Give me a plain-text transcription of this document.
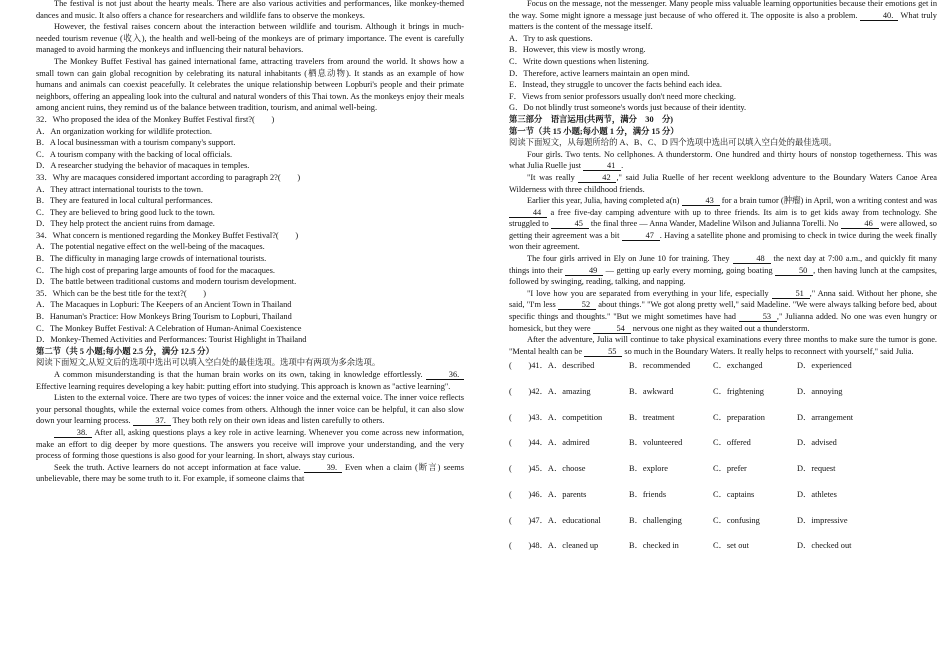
The festival is not just about the hearty meals. There are also various activities and performances, like monkey-themed dances and music. It also offers a chance for researchers and wildlife fans to observe the monkeys.

However, the festival raises concern about the interaction between wildlife and tourism. Although it brings in much-needed tourism revenue (收入), the health and well-being of the monkeys are of primary importance. The event is carefully managed to avoid harming the monkeys and influencing their natural behaviors.

The Monkey Buffet Festival has gained international fame, attracting travelers from around the world. It shows how a small town can gain global recognition by celebrating its natural inhabitants (栖息动物). It stands as an example of how humans and animals can coexist peacefully. It celebrates the unique relationship between Lopburi's people and their primate neighbors, offering an appealing look into the cultural and natural wonders of this Thai town. As the monkeys enjoy their meals among ancient ruins, they remind us of the balance between tradition, tourism, and animal well-being.

32．Who proposed the idea of the Monkey Buffet Festival first?(　　)

A．An organization working for wildlife protection.

B．A local businessman with a tourism company's support.

C．A tourism company with the backing of local officials.

D．A researcher studying the behavior of macaques in temples.

33．Why are macaques considered important according to paragraph 2?(　　)

A．They attract international tourists to the town.

B．They are featured in local cultural performances.

C．They are believed to bring good luck to the town.

D．They help protect the ancient ruins from damage.

34．What concern is mentioned regarding the Monkey Buffet Festival?(　　)

A．The potential negative effect on the well-being of the macaques.

B．The difficulty in managing large crowds of international tourists.

C．The high cost of preparing large amounts of food for the macaques.

D．The battle between traditional customs and modern tourism development.

35．Which can be the best title for the text?(　　)

A．The Macaques in Lopburi: The Keepers of an Ancient Town in Thailand

B．Hanuman's Practice: How Monkeys Bring Tourism to Lopburi, Thailand

C．The Monkey Buffet Festival: A Celebration of Human-Animal Coexistence

D．Monkey-Themed Activities and Performances: Tourist Highlight in Thailand

第二节（共 5 小题;每小题 2.5 分，满分 12.5 分）

阅读下面短文,从短文后的选项中选出可以填入空白处的最佳选项。选项中有两项为多余选项。

A common misunderstanding is that the human brain works on its own, taking in knowledge effortlessly.	36. Effective learning requires developing a key habit: putting effort into studying. This approach is known as "active learning".

Listen to the external voice. There are two types of voices: the inner voice and the external voice. The inner voice reflects your personal thoughts, while the external voice comes from others. Although the inner voice can be helpful, it can also slow down your learning process.	37. They both rely on their own ideas and listen carefully to others.

38. After all, asking questions plays a key role in active learning. Whenever you come across new information, make an effort to dig deeper by more questions. The answers you receive will improve your understanding, and the very process of forming those questions is also good for your learning. In short, always stay curious.

Seek the truth. Active learners do not accept information at face value.	39. Even when a claim (断言) seems unbelievable, there may be some truth to it. For example, if someone claims that

Focus on the message, not the messenger. Many people miss valuable learning opportunities because their emotions get in the way. Some might ignore a message just because of who offered it. The opposite is also a problem.	40. What truly matters is the content of the message itself.

A．Try to ask questions.

B．However, this view is mostly wrong.

C．Write down questions when listening.

D．Therefore, active learners maintain an open mind.

E．Instead, they struggle to uncover the facts behind each idea.

F．Views from senior professors usually don't need more checking.

G．Do not blindly trust someone's words just because of their identity.

第三部分　语言运用(共两节，满分　30　分)

第一节（共 15 小题;每小题 1 分，满分 15 分）

阅读下面短文，从每题所给的 A、B、C、D 四个选项中选出可以填入空白处的最佳选项。

Four girls. Two tents. No cellphones. A thunderstorm. One hundred and thirty hours of nonstop togetherness. This was what Julia Ruelle just	41 .

"It was really	42 ," said Julia Ruelle of her recent weeklong adventure to the Boundary Waters Canoe Area Wilderness with three childhood friends.

Earlier this year, Julia, having completed a(n)	43 for a brain tumor (肿瘤) in April, won a writing contest and was 44 a free five-day camping adventure with up to three friends. Its aim is to get kids away from technology. She struggled to	45 the final three — Anna Wander, Madeline Wilson and Julianna Torelli. No	46 were allowed, so getting their agreement was a bit	47 . Having a satellite phone and promising to check in twice during the week finally won their agreement.

The four girls arrived in Ely on June 10 for training. They	48 the next day at 7:00 a.m., and quickly fit many things into their	49 — getting up early every morning, going boating	50 , then having lunch at the campsites, followed by swinging, reading, talking, and napping.

"I love how you are separated from everything in your life, especially	51 ," Anna said. Without her phone, she said, "I'm less	52 about things." "We got along pretty well," said Madeline. "We were always talking before bed, about specific things and thoughts." "But we might sometimes have had	53 ," Julianna added. No one was even hungry or homesick, but they were	54 nervous one night as they waited out a thunderstorm.

After the adventure, Julia will continue to take physical examinations every three months to make sure the tumor is gone. "Mental health can be	55 so much in the Boundary Waters. It really helps to reconnect with yourself," said Julia.

(　　)41．A．described	B．recommended	C．exchanged	D．experienced
(　　)42．A．amazing	B．awkward	C．frightening	D．annoying
(　　)43．A．competition	B．treatment	C．preparation	D．arrangement
(　　)44．A．admired	B．volunteered	C．offered	D．advised
(　　)45．A．choose	B．explore	C．prefer	D．request
(　　)46．A．parents	B．friends	C．captains	D．athletes
(　　)47．A．educational	B．challenging	C．confusing	D．impressive
(　　)48．A．cleaned up	B．checked in	C．set out	D．checked out
